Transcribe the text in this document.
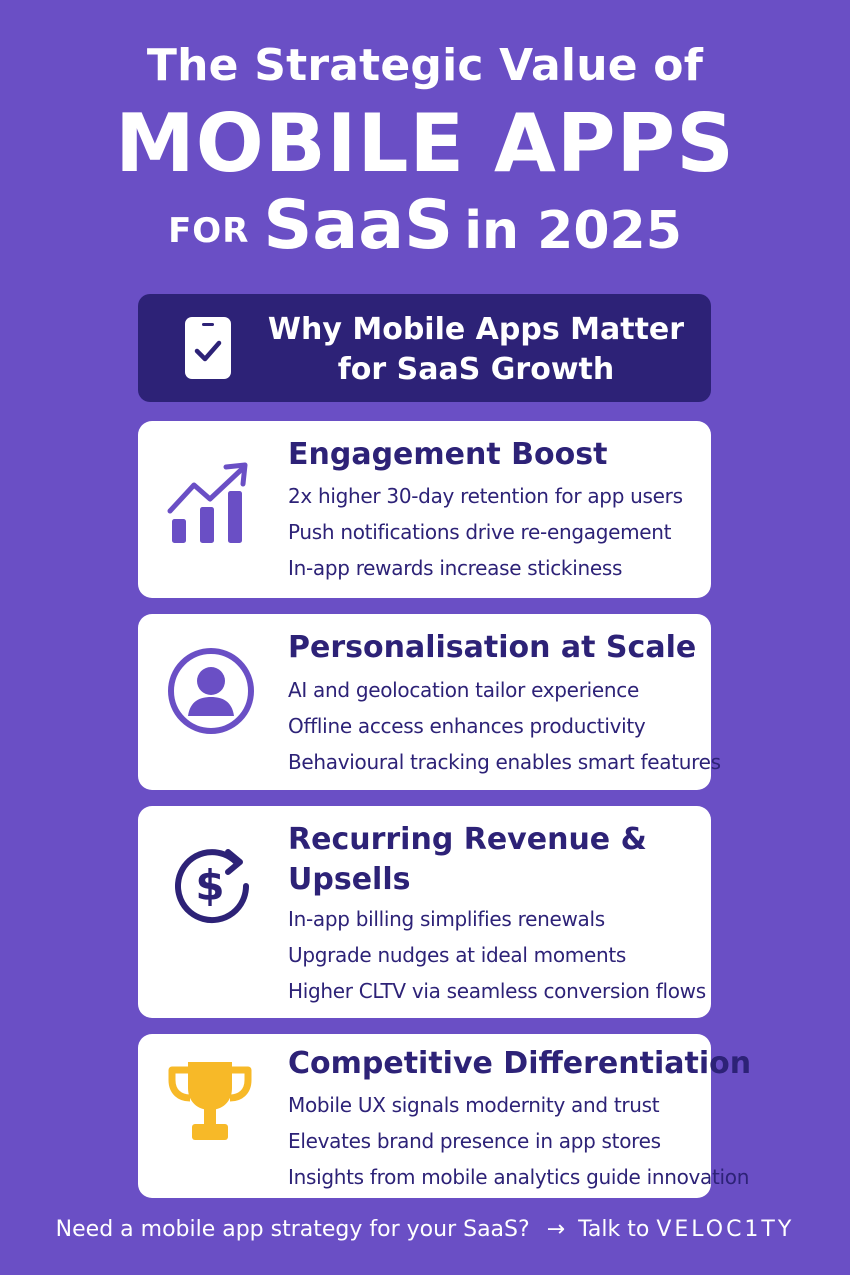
The Strategic Value of
MOBILE APPS
FOR SaaS in 2025
Why Mobile Apps Matter
for SaaS Growth
Engagement Boost
2x higher 30-day retention for app users
Push notifications drive re-engagement
In-app rewards increase stickiness
Personalisation at Scale
AI and geolocation tailor experience
Offline access enhances productivity
Behavioural tracking enables smart features
$
Recurring Revenue &
Upsells
In-app billing simplifies renewals
Upgrade nudges at ideal moments
Higher CLTV via seamless conversion flows
Competitive Differentiation
Mobile UX signals modernity and trust
Elevates brand presence in app stores
Insights from mobile analytics guide innovation
Need a mobile app strategy for your SaaS? → Talk to VELOC1TY
